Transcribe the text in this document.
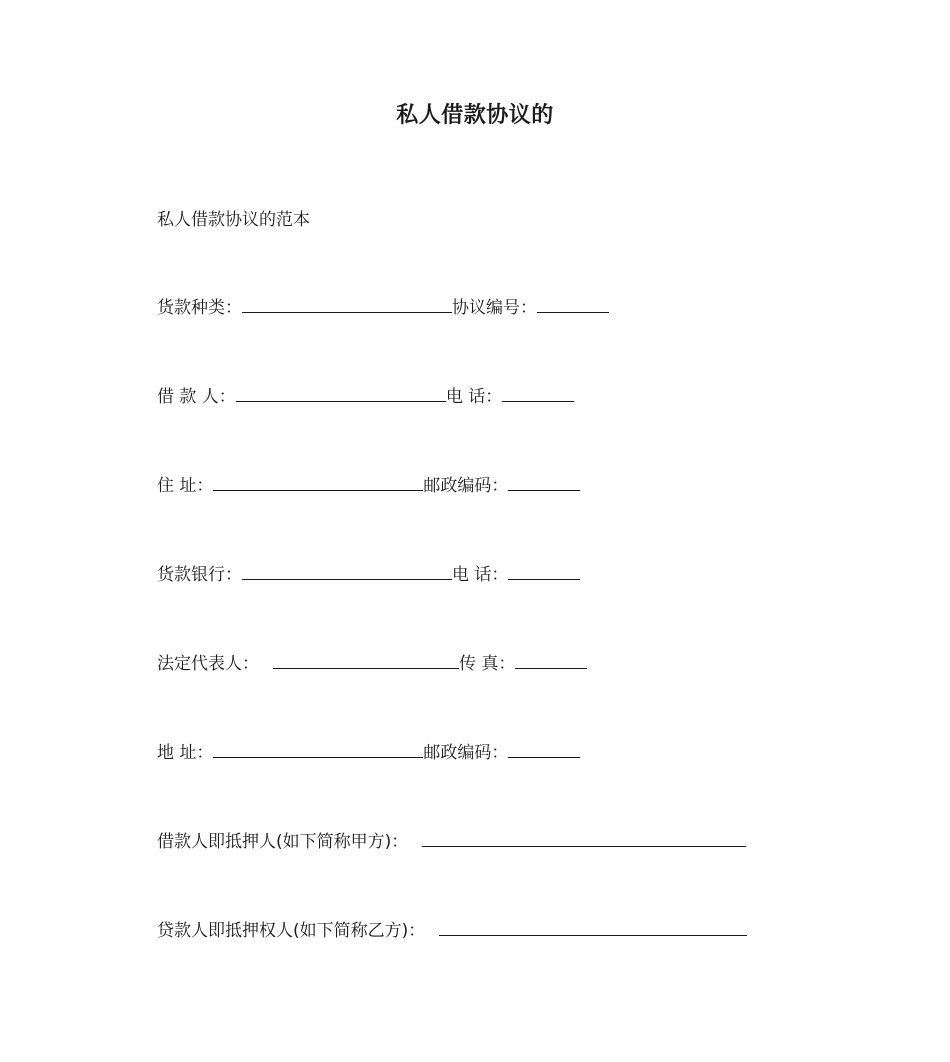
私人借款协议的
私人借款协议的范本
货款种类：	协议编号：
借 款 人：	电 话：
住 址：	邮政编码：
货款银行：	电 话：
法定代表人：	传 真：
地 址：	邮政编码：
借款人即抵押人(如下简称甲方)：
贷款人即抵押权人(如下简称乙方)：
